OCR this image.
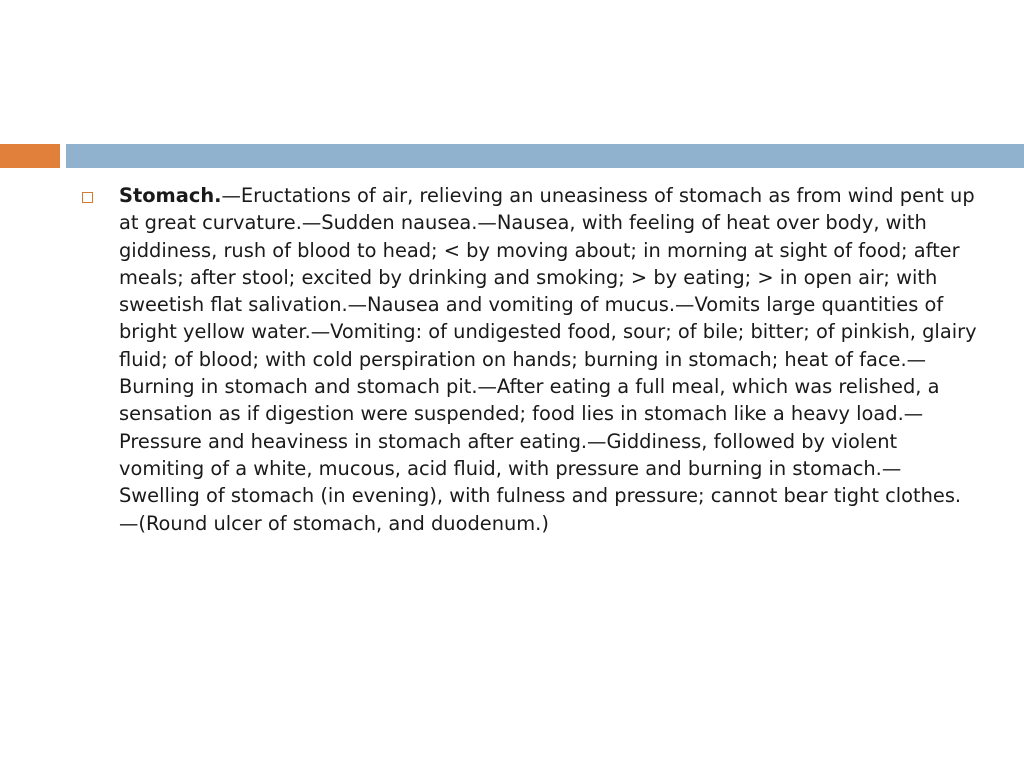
Stomach.—Eructations of air, relieving an uneasiness of stomach as from wind pent up at great curvature.—Sudden nausea.—Nausea, with feeling of heat over body, with giddiness, rush of blood to head; < by moving about; in morning at sight of food; after meals; after stool; excited by drinking and smoking; > by eating; > in open air; with sweetish flat salivation.—Nausea and vomiting of mucus.—Vomits large quantities of bright yellow water.—Vomiting: of undigested food, sour; of bile; bitter; of pinkish, glairy fluid; of blood; with cold perspiration on hands; burning in stomach; heat of face.—Burning in stomach and stomach pit.—After eating a full meal, which was relished, a sensation as if digestion were suspended; food lies in stomach like a heavy load.—Pressure and heaviness in stomach after eating.—Giddiness, followed by violent vomiting of a white, mucous, acid fluid, with pressure and burning in stomach.—Swelling of stomach (in evening), with fulness and pressure; cannot bear tight clothes.—(Round ulcer of stomach, and duodenum.)
